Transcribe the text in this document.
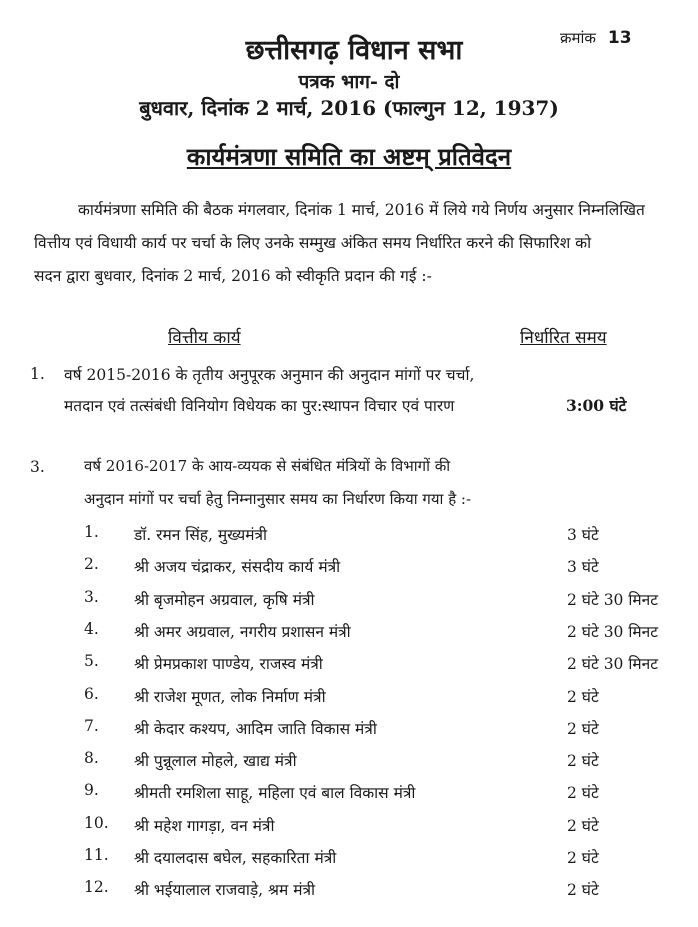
क्रमांक 13
छत्तीसगढ़ विधान सभा
पत्रक भाग- दो
बुधवार, दिनांक 2 मार्च, 2016 (फाल्गुन 12, 1937)
कार्यमंत्रणा समिति का अष्टम् प्रतिवेदन
कार्यमंत्रणा समिति की बैठक मंगलवार, दिनांक 1 मार्च, 2016 में लिये गये निर्णय अनुसार निम्नलिखित
वित्तीय एवं विधायी कार्य पर चर्चा के लिए उनके सम्मुख अंकित समय निर्धारित करने की सिफारिश को
सदन द्वारा बुधवार, दिनांक 2 मार्च, 2016 को स्वीकृति प्रदान की गई :-
वित्तीय कार्य	निर्धारित समय
1. वर्ष 2015-2016 के तृतीय अनुपूरक अनुमान की अनुदान मांगों पर चर्चा,
मतदान एवं तत्संबंधी विनियोग विधेयक का पुर:स्थापन विचार एवं पारण	3:00 घंटे
3.	वर्ष 2016-2017 के आय-व्ययक से संबंधित मंत्रियों के विभागों की
अनुदान मांगों पर चर्चा हेतु निम्नानुसार समय का निर्धारण किया गया है :-
1. डॉ. रमन सिंह, मुख्यमंत्री	3 घंटे
2. श्री अजय चंद्राकर, संसदीय कार्य मंत्री	3 घंटे
3. श्री बृजमोहन अग्रवाल, कृषि मंत्री	2 घंटे 30 मिनट
4. श्री अमर अग्रवाल, नगरीय प्रशासन मंत्री	2 घंटे 30 मिनट
5. श्री प्रेमप्रकाश पाण्डेय, राजस्व मंत्री	2 घंटे 30 मिनट
6. श्री राजेश मूणत, लोक निर्माण मंत्री	2 घंटे
7. श्री केदार कश्यप, आदिम जाति विकास मंत्री	2 घंटे
8. श्री पुन्नूलाल मोहले, खाद्य मंत्री	2 घंटे
9. श्रीमती रमशिला साहू, महिला एवं बाल विकास मंत्री	2 घंटे
10. श्री महेश गागड़ा, वन मंत्री	2 घंटे
11. श्री दयालदास बघेल, सहकारिता मंत्री	2 घंटे
12. श्री भईयालाल राजवाड़े, श्रम मंत्री	2 घंटे
